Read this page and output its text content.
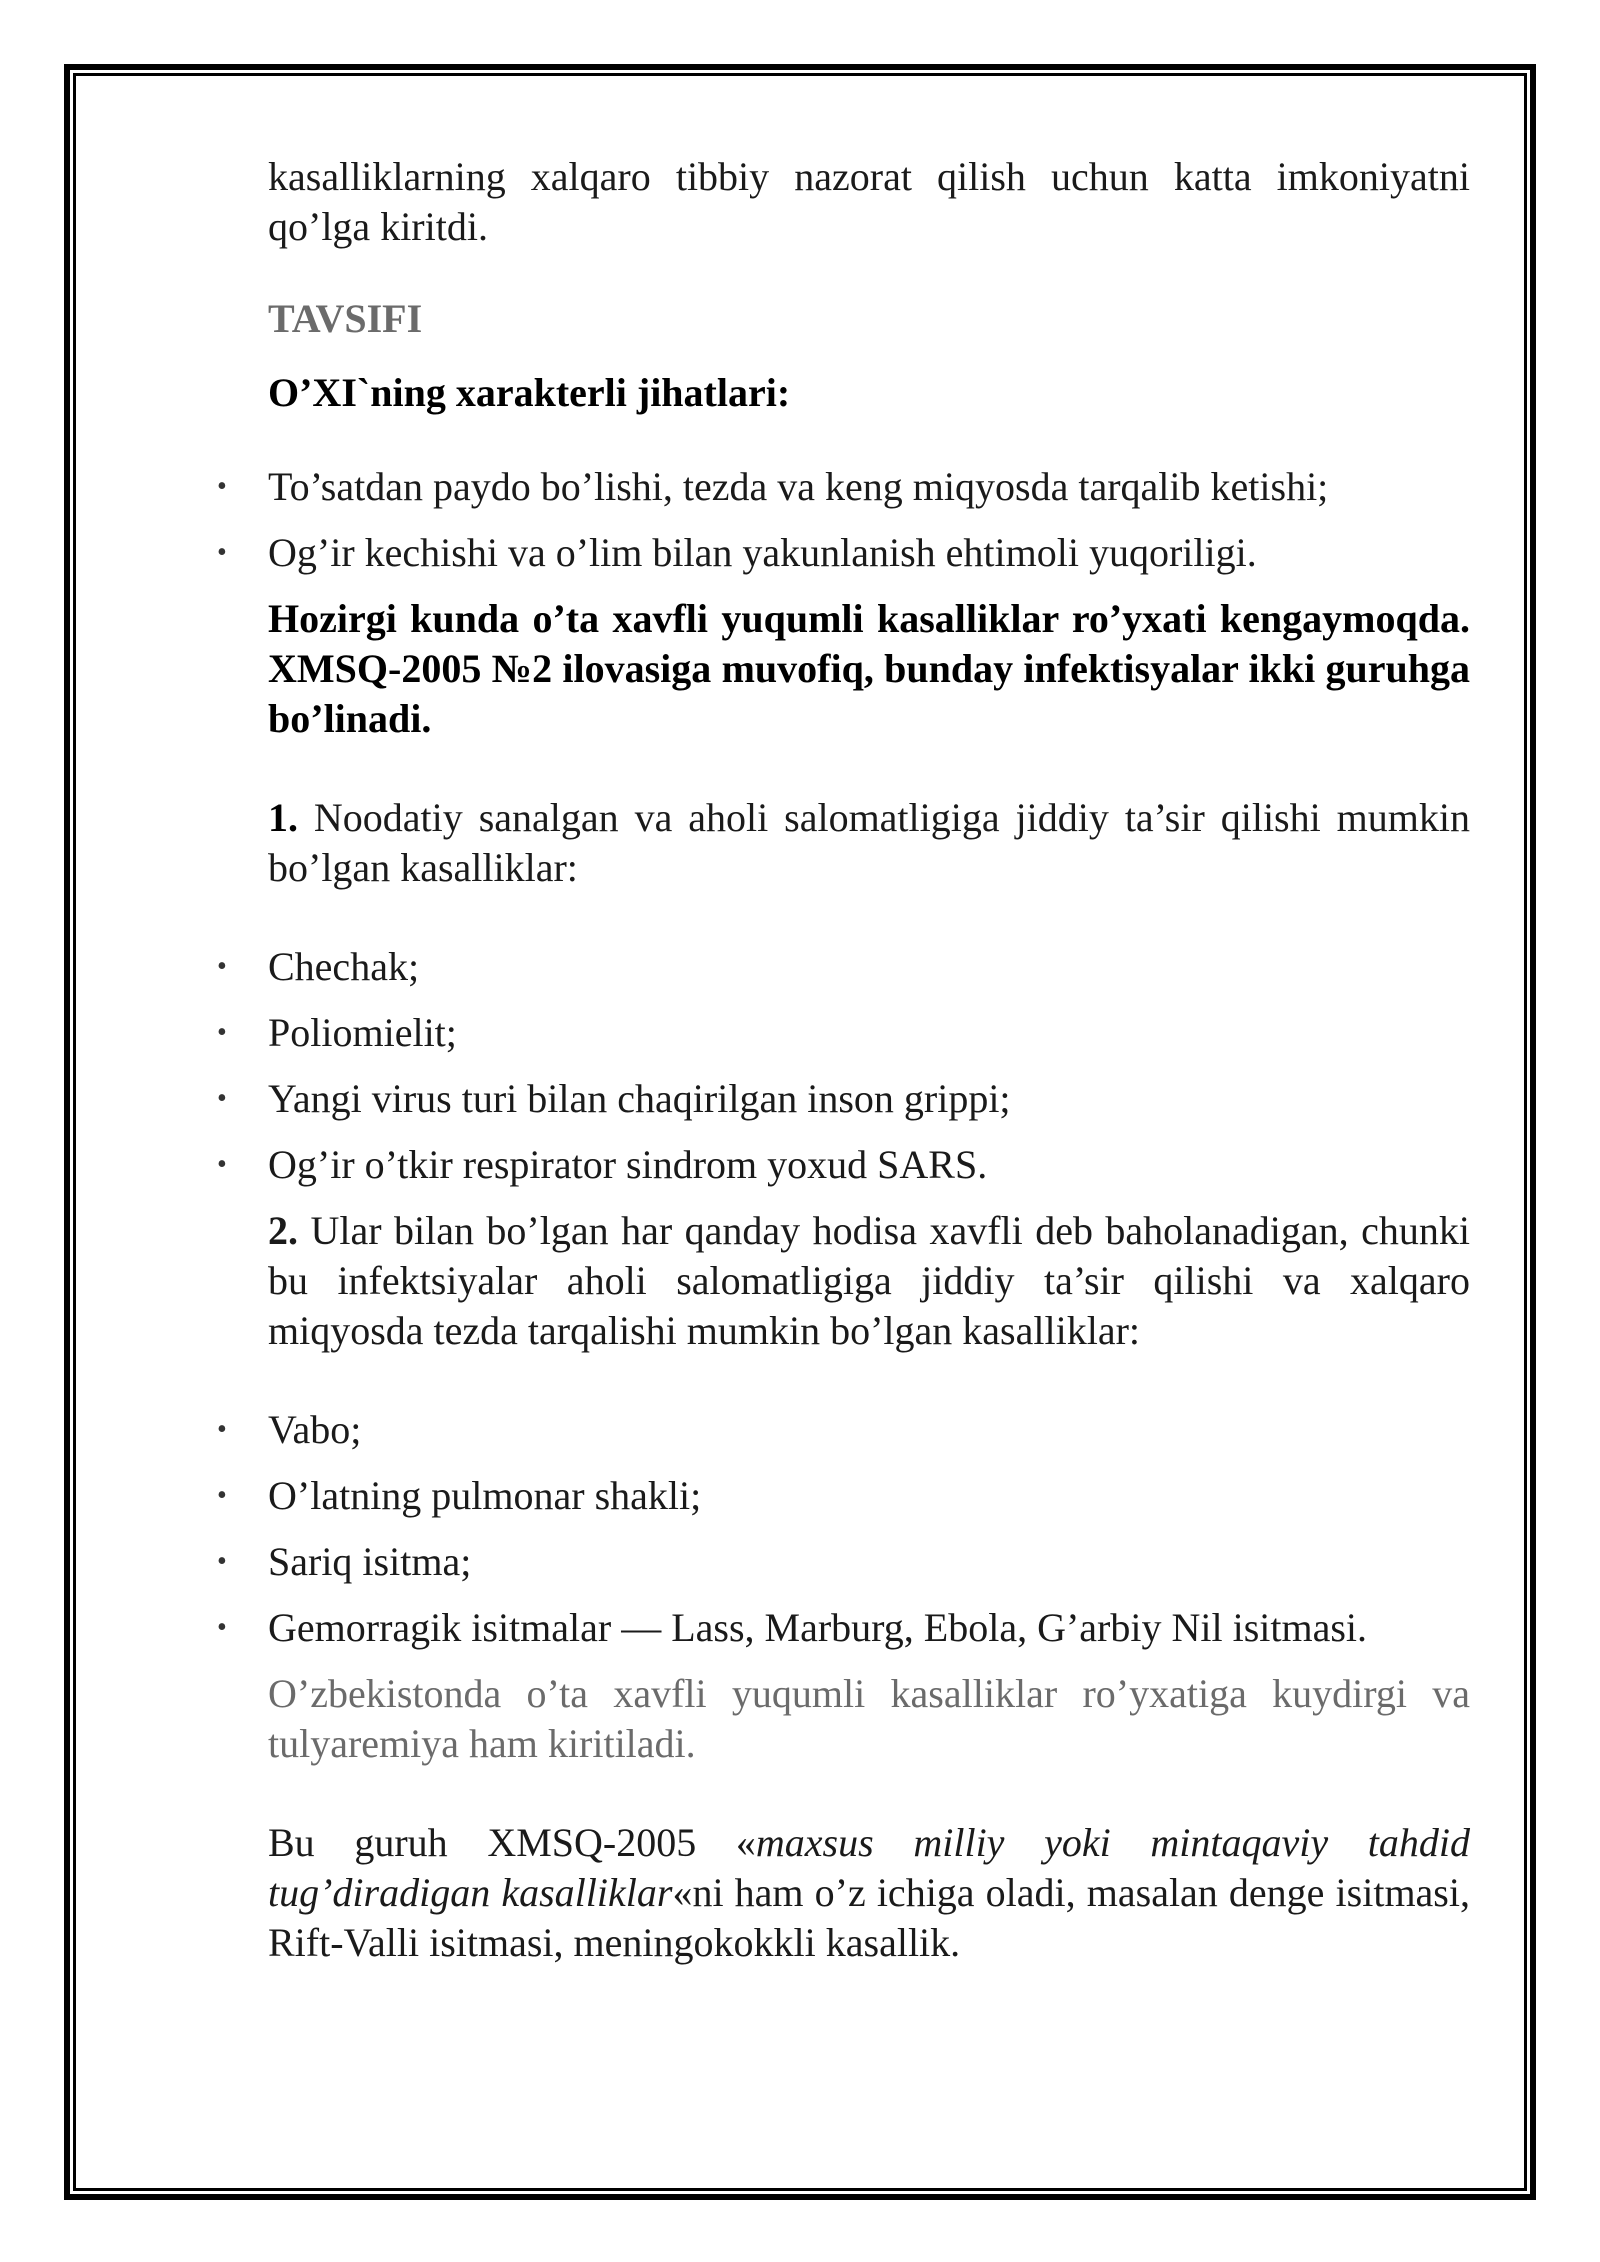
kasalliklarning xalqaro tibbiy nazorat qilish uchun katta imkoniyatni qo’lga kiritdi.

TAVSIFI

O’XI`ning xarakterli jihatlari:

• To’satdan paydo bo’lishi, tezda va keng miqyosda tarqalib ketishi;
• Og’ir kechishi va o’lim bilan yakunlanish ehtimoli yuqoriligi.

Hozirgi kunda o’ta xavfli yuqumli kasalliklar ro’yxati kengaymoqda. XMSQ-2005 №2 ilovasiga muvofiq, bunday infektisyalar ikki guruhga bo’linadi.

1. Noodatiy sanalgan va aholi salomatligiga jiddiy ta’sir qilishi mumkin bo’lgan kasalliklar:

• Chechak;
• Poliomielit;
• Yangi virus turi bilan chaqirilgan inson grippi;
• Og’ir o’tkir respirator sindrom yoxud SARS.

2. Ular bilan bo’lgan har qanday hodisa xavfli deb baholanadigan, chunki bu infektsiyalar aholi salomatligiga jiddiy ta’sir qilishi va xalqaro miqyosda tezda tarqalishi mumkin bo’lgan kasalliklar:

• Vabo;
• O’latning pulmonar shakli;
• Sariq isitma;
• Gemorragik isitmalar — Lass, Marburg, Ebola, G’arbiy Nil isitmasi.

O’zbekistonda o’ta xavfli yuqumli kasalliklar ro’yxatiga kuydirgi va tulyaremiya ham kiritiladi.

Bu guruh XMSQ-2005 «maxsus milliy yoki mintaqaviy tahdid tug’diradigan kasalliklar«ni ham o’z ichiga oladi, masalan denge isitmasi, Rift-Valli isitmasi, meningokokkli kasallik.
